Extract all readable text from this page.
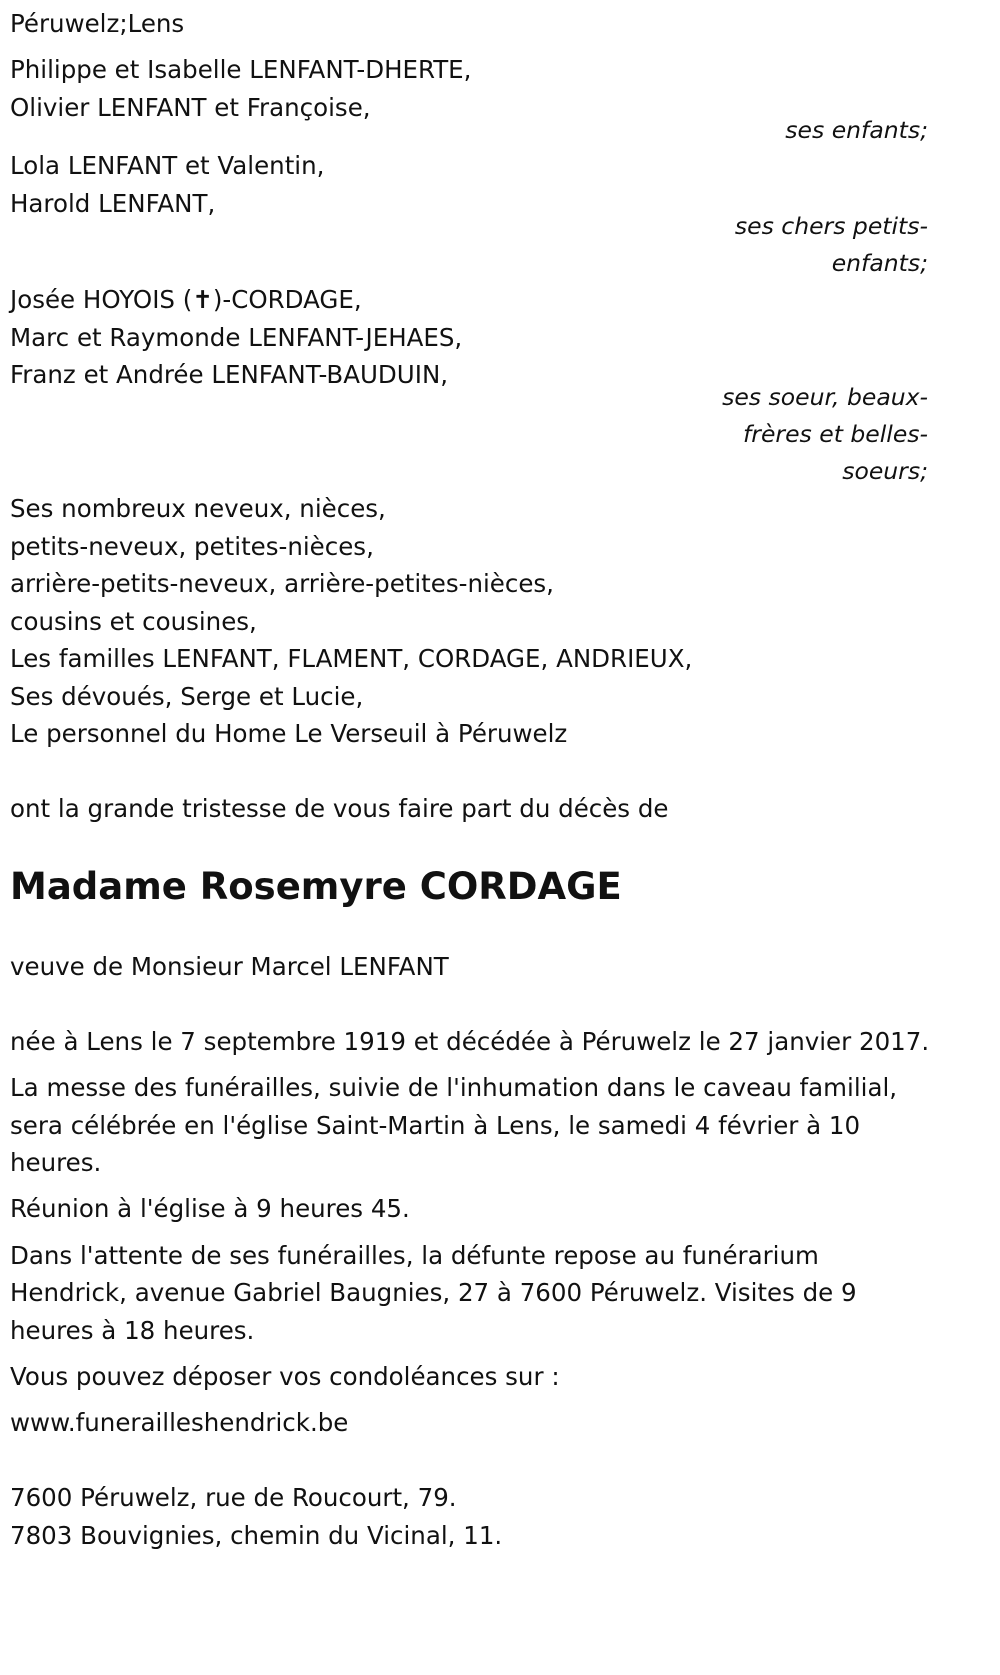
Péruwelz;Lens
Philippe et Isabelle LENFANT-DHERTE,
Olivier LENFANT et Françoise,
ses enfants;
Lola LENFANT et Valentin,
Harold LENFANT,
ses chers petits-
enfants;
Josée HOYOIS (✝)-CORDAGE,
Marc et Raymonde LENFANT-JEHAES,
Franz et Andrée LENFANT-BAUDUIN,
ses soeur, beaux-
frères et belles-
soeurs;
Ses nombreux neveux, nièces,
petits-neveux, petites-nièces,
arrière-petits-neveux, arrière-petites-nièces,
cousins et cousines,
Les familles LENFANT, FLAMENT, CORDAGE, ANDRIEUX,
Ses dévoués, Serge et Lucie,
Le personnel du Home Le Verseuil à Péruwelz
ont la grande tristesse de vous faire part du décès de
Madame Rosemyre CORDAGE
veuve de Monsieur Marcel LENFANT
née à Lens le 7 septembre 1919 et décédée à Péruwelz le 27 janvier 2017.
La messe des funérailles, suivie de l'inhumation dans le caveau familial,
sera célébrée en l'église Saint-Martin à Lens, le samedi 4 février à 10
heures.
Réunion à l'église à 9 heures 45.
Dans l'attente de ses funérailles, la défunte repose au funérarium
Hendrick, avenue Gabriel Baugnies, 27 à 7600 Péruwelz. Visites de 9
heures à 18 heures.
Vous pouvez déposer vos condoléances sur :
www.funerailleshendrick.be
7600 Péruwelz, rue de Roucourt, 79.
7803 Bouvignies, chemin du Vicinal, 11.
